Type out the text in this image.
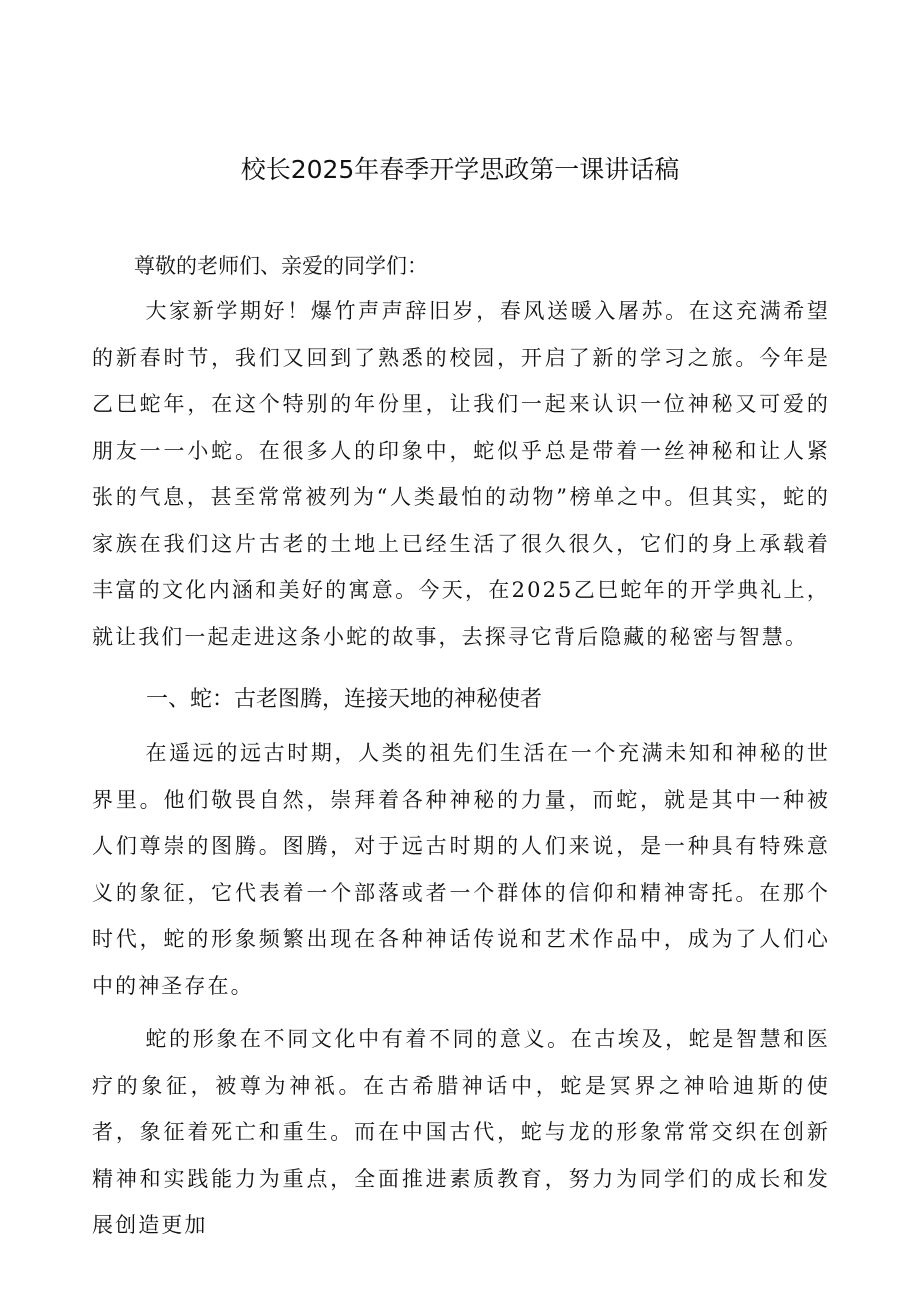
校长2025年春季开学思政第一课讲话稿

尊敬的老师们、亲爱的同学们：

大家新学期好！爆竹声声辞旧岁，春风送暖入屠苏。在这充满希望的新春时节，我们又回到了熟悉的校园，开启了新的学习之旅。今年是乙巳蛇年，在这个特别的年份里，让我们一起来认识一位神秘又可爱的朋友一一小蛇。在很多人的印象中，蛇似乎总是带着一丝神秘和让人紧张的气息，甚至常常被列为“人类最怕的动物”榜单之中。但其实，蛇的家族在我们这片古老的土地上已经生活了很久很久，它们的身上承载着丰富的文化内涵和美好的寓意。今天，在2025乙巳蛇年的开学典礼上，就让我们一起走进这条小蛇的故事，去探寻它背后隐藏的秘密与智慧。

一、蛇：古老图腾，连接天地的神秘使者

在遥远的远古时期，人类的祖先们生活在一个充满未知和神秘的世界里。他们敬畏自然，崇拜着各种神秘的力量，而蛇，就是其中一种被人们尊崇的图腾。图腾，对于远古时期的人们来说，是一种具有特殊意义的象征，它代表着一个部落或者一个群体的信仰和精神寄托。在那个时代，蛇的形象频繁出现在各种神话传说和艺术作品中，成为了人们心中的神圣存在。

蛇的形象在不同文化中有着不同的意义。在古埃及，蛇是智慧和医疗的象征，被尊为神祇。在古希腊神话中，蛇是冥界之神哈迪斯的使者，象征着死亡和重生。而在中国古代，蛇与龙的形象常常交织在创新精神和实践能力为重点，全面推进素质教育，努力为同学们的成长和发展创造更加
